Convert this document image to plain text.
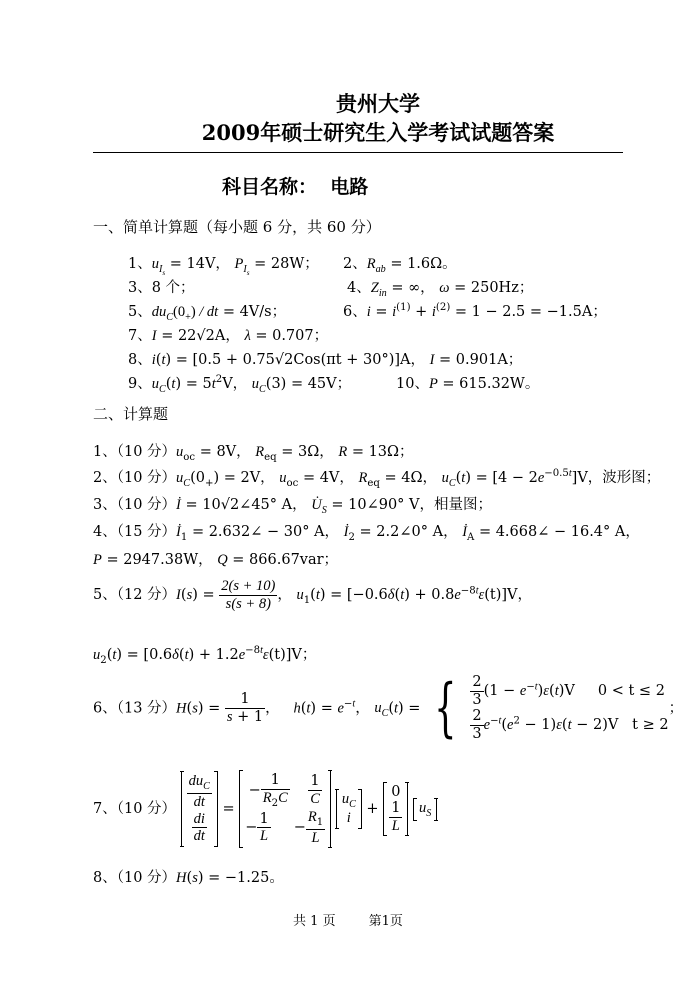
贵州大学
2009年硕士研究生入学考试试题答案
科目名称： 电路
一、简单计算题（每小题 6 分，共 60 分）
1、$u_{I_s} = 14V$， $P_{I_s} = 28W$； 2、$R_{ab} = 1.6\Omega$。
3、8 个；	4、$Z_{in}$ = ∞， ω = 250Hz；
5、$du_C(0_+)$ / dt = 4V/s；	6、$i = i^{(1)} + i^{(2)} = 1 - 2.5 = -1.5A$；
7、I = 22√2A， λ = 0.707；
8、i(t) = [0.5 + 0.75√2Cos(πt + 30°)]A， I = 0.901A；
9、$u_C(t) = 5t^2V$， $u_C(3) = 45V$；	10、P = 615.32W。
二、计算题
1、（10 分）$u_{oc} = 8V$， $R_{eq} = 3\Omega$， R = 13Ω；
2、（10 分）$u_C(0_+) = 2V$， $u_{oc} = 4V$， $R_{eq} = 4\Omega$， $u_C(t) = [4 - 2e^{-0.5t}]V$，波形图；
3、（10 分）İ = 10√2∠45° A， $U̇_S$ = 10∠90° V，相量图；
4、（15 分）$İ_1$ = 2.632∠ − 30° A， $İ_2$ = 2.2∠0° A， $İ_A$ = 4.668∠ − 16.4° A，
P = 2947.38W， Q = 866.67var；
5、（12 分）$I(s) = \frac{2(s + 10)}{s(s + 8)}$ ， $u_1(t) = [-0.6\delta(t) + 0.8e^{-8t}\varepsilon(t)]V$，
$u_2(t) = [0.6\delta(t) + 1.2e^{-8t}\varepsilon(t)]V$；
6、（13 分）$H(s) = \frac{1}{s + 1}$ ，   $h(t) = e^{-t}$， $u_C(t)$ = { $\frac{2}{3} (1 - e^{-t})\varepsilon(t)V$     0 < t ≤ 2
$\frac{2}{3} e^{-t}(e^2 - 1)\varepsilon(t - 2)V$   t ≥ 2
；
7、（10 分） $\frac{du_C}{dt}$
$\frac{di}{dt}$
=
− $\frac{1}{R_2C}$
$\frac{1}{C}$
− $\frac{1}{L} - \frac{R_1}{L}$

$u_C$
i
+
0
$\frac{1}{L} u_S$
8、（10 分）H(s) = −1.25。
共 1 页	第1页
